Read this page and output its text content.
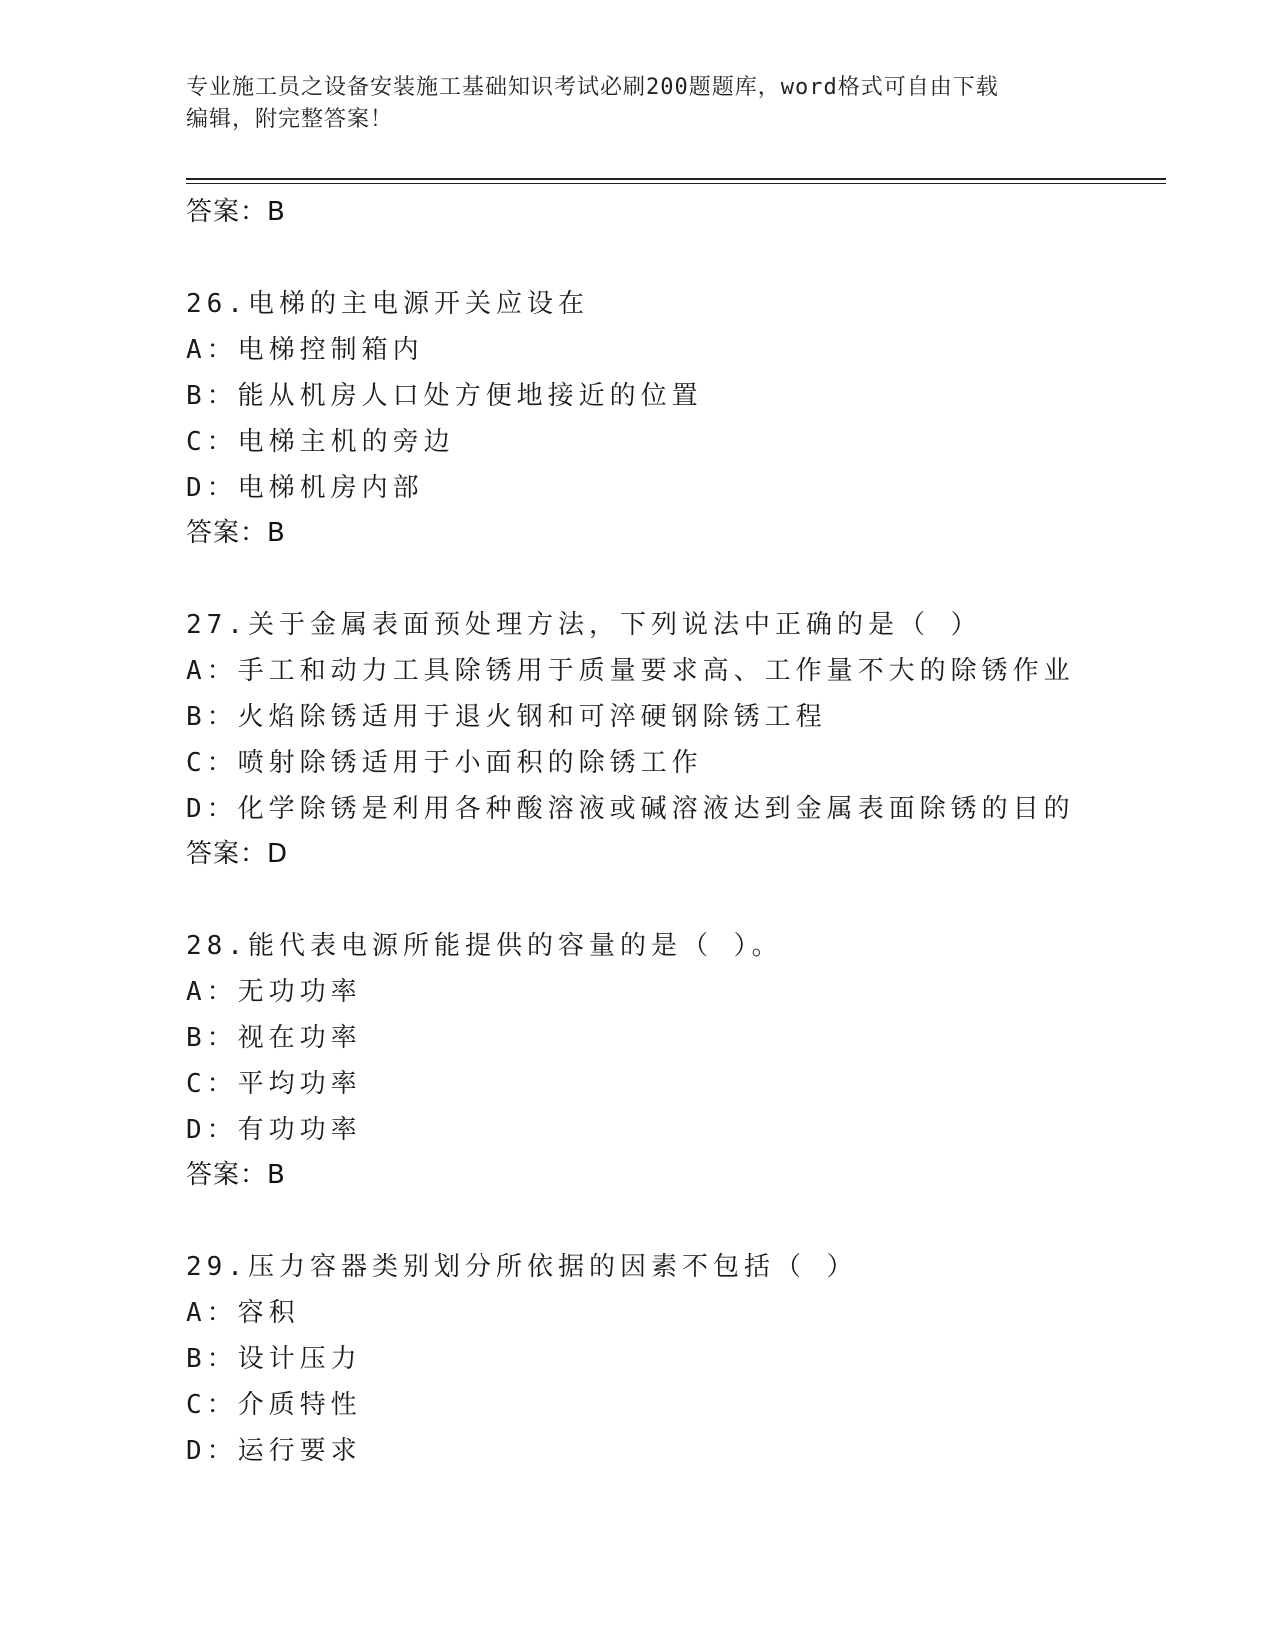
专业施工员之设备安装施工基础知识考试必刷200题题库，word格式可自由下载
编辑，附完整答案！
答案：B
26.电梯的主电源开关应设在
A：电梯控制箱内
B：能从机房人口处方便地接近的位置
C：电梯主机的旁边
D：电梯机房内部
答案：B
27.关于金属表面预处理方法，下列说法中正确的是（ ）
A：手工和动力工具除锈用于质量要求高、工作量不大的除锈作业
B：火焰除锈适用于退火钢和可淬硬钢除锈工程
C：喷射除锈适用于小面积的除锈工作
D：化学除锈是利用各种酸溶液或碱溶液达到金属表面除锈的目的
答案：D
28.能代表电源所能提供的容量的是（ ）。
A：无功功率
B：视在功率
C：平均功率
D：有功功率
答案：B
29.压力容器类别划分所依据的因素不包括（ ）
A：容积
B：设计压力
C：介质特性
D：运行要求
